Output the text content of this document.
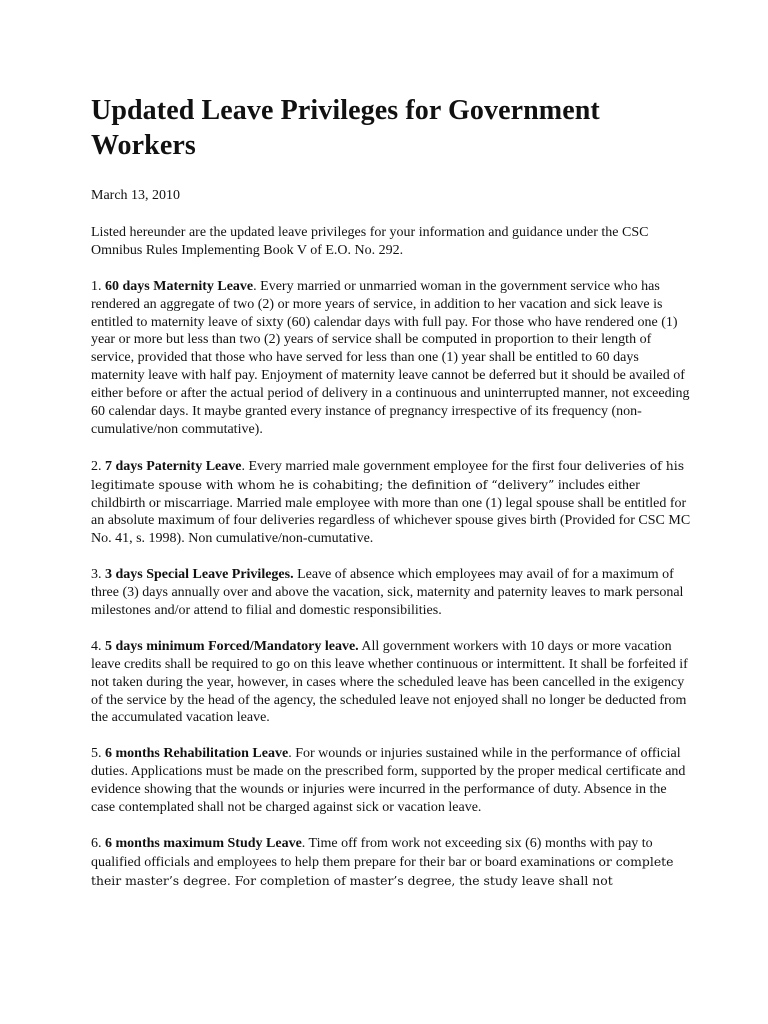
Updated Leave Privileges for Government Workers

March 13, 2010

Listed hereunder are the updated leave privileges for your information and guidance under the CSC Omnibus Rules Implementing Book V of E.O. No. 292.

1. 60 days Maternity Leave. Every married or unmarried woman in the government service who has rendered an aggregate of two (2) or more years of service, in addition to her vacation and sick leave is entitled to maternity leave of sixty (60) calendar days with full pay. For those who have rendered one (1) year or more but less than two (2) years of service shall be computed in proportion to their length of service, provided that those who have served for less than one (1) year shall be entitled to 60 days maternity leave with half pay. Enjoyment of maternity leave cannot be deferred but it should be availed of either before or after the actual period of delivery in a continuous and uninterrupted manner, not exceeding 60 calendar days. It maybe granted every instance of pregnancy irrespective of its frequency (non-cumulative/non commutative).

2. 7 days Paternity Leave. Every married male government employee for the first four deliveries of his legitimate spouse with whom he is cohabiting; the definition of “delivery” includes either childbirth or miscarriage. Married male employee with more than one (1) legal spouse shall be entitled for an absolute maximum of four deliveries regardless of whichever spouse gives birth (Provided for CSC MC No. 41, s. 1998). Non cumulative/non-cumutative.

3. 3 days Special Leave Privileges. Leave of absence which employees may avail of for a maximum of three (3) days annually over and above the vacation, sick, maternity and paternity leaves to mark personal milestones and/or attend to filial and domestic responsibilities.

4. 5 days minimum Forced/Mandatory leave. All government workers with 10 days or more vacation leave credits shall be required to go on this leave whether continuous or intermittent. It shall be forfeited if not taken during the year, however, in cases where the scheduled leave has been cancelled in the exigency of the service by the head of the agency, the scheduled leave not enjoyed shall no longer be deducted from the accumulated vacation leave.

5. 6 months Rehabilitation Leave. For wounds or injuries sustained while in the performance of official duties. Applications must be made on the prescribed form, supported by the proper medical certificate and evidence showing that the wounds or injuries were incurred in the performance of duty. Absence in the case contemplated shall not be charged against sick or vacation leave.

6. 6 months maximum Study Leave. Time off from work not exceeding six (6) months with pay to qualified officials and employees to help them prepare for their bar or board examinations or complete their master’s degree. For completion of master’s degree, the study leave shall not
